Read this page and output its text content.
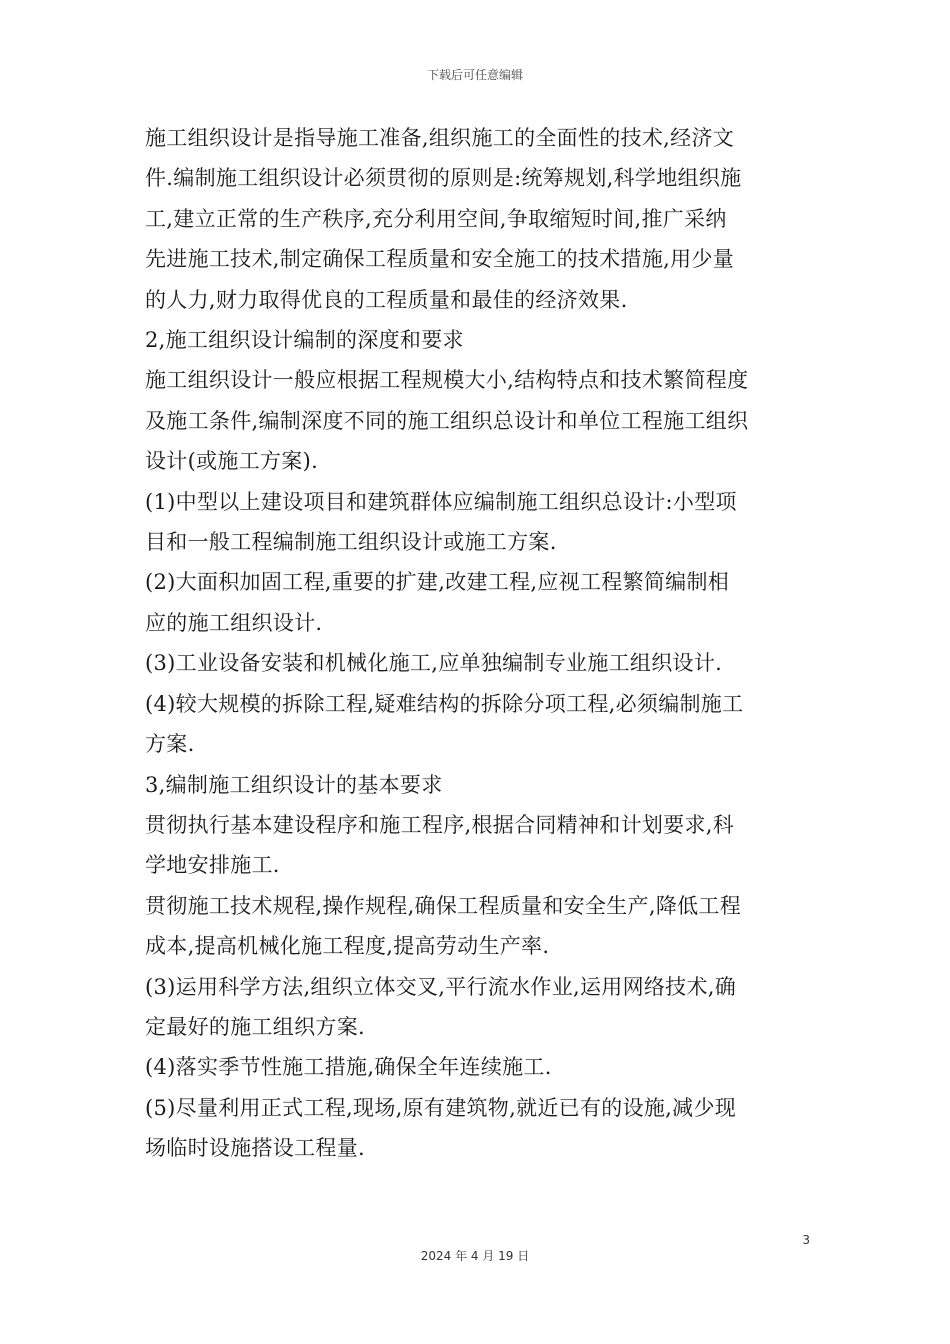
下载后可任意编辑
施工组织设计是指导施工准备,组织施工的全面性的技术,经济文
件.编制施工组织设计必须贯彻的原则是:统筹规划,科学地组织施
工,建立正常的生产秩序,充分利用空间,争取缩短时间,推广采纳
先进施工技术,制定确保工程质量和安全施工的技术措施,用少量
的人力,财力取得优良的工程质量和最佳的经济效果.
2,施工组织设计编制的深度和要求
施工组织设计一般应根据工程规模大小,结构特点和技术繁简程度
及施工条件,编制深度不同的施工组织总设计和单位工程施工组织
设计(或施工方案).
(1)中型以上建设项目和建筑群体应编制施工组织总设计:小型项
目和一般工程编制施工组织设计或施工方案.
(2)大面积加固工程,重要的扩建,改建工程,应视工程繁简编制相
应的施工组织设计.
(3)工业设备安装和机械化施工,应单独编制专业施工组织设计.
(4)较大规模的拆除工程,疑难结构的拆除分项工程,必须编制施工
方案.
3,编制施工组织设计的基本要求
贯彻执行基本建设程序和施工程序,根据合同精神和计划要求,科
学地安排施工.
贯彻施工技术规程,操作规程,确保工程质量和安全生产,降低工程
成本,提高机械化施工程度,提高劳动生产率.
(3)运用科学方法,组织立体交叉,平行流水作业,运用网络技术,确
定最好的施工组织方案.
(4)落实季节性施工措施,确保全年连续施工.
(5)尽量利用正式工程,现场,原有建筑物,就近已有的设施,减少现
场临时设施搭设工程量.
3
2024 年 4 月 19 日
